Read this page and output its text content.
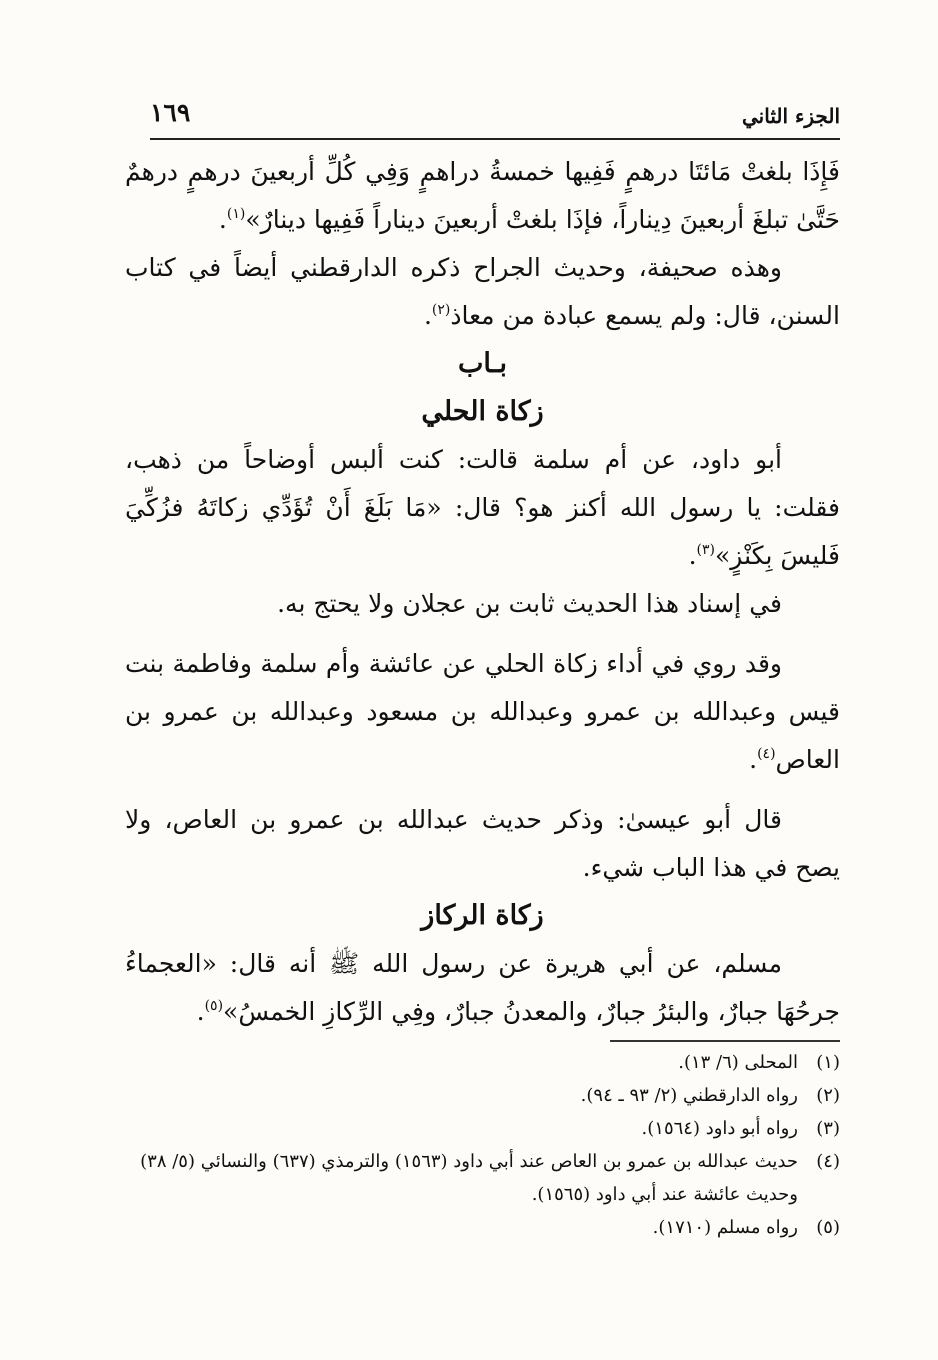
الجزء الثاني
١٦٩

فَإِذَا بلغتْ مَائتَا درهمٍ فَفِيها خمسةُ دراهمٍ وَفِي كُلِّ أربعينَ درهمٍ درهمٌ حَتَّىٰ تبلغَ أربعينَ دِيناراً، فإذَا بلغتْ أربعينَ ديناراً فَفِيها دينارٌ»$^{(١)}$.

وهذه صحيفة، وحديث الجراح ذكره الدارقطني أيضاً في كتاب السنن، قال: ولم يسمع عبادة من معاذ$^{(٢)}$.

بـاب

زكاة الحلي

أبو داود، عن أم سلمة قالت: كنت ألبس أوضاحاً من ذهب، فقلت: يا رسول الله أكنز هو؟ قال: «مَا بَلَغَ أَنْ تُؤَدِّي زكاتَهُ فزُكِّيَ فَليسَ بِكَنْزٍ»$^{(٣)}$.

في إسناد هذا الحديث ثابت بن عجلان ولا يحتج به.

وقد روي في أداء زكاة الحلي عن عائشة وأم سلمة وفاطمة بنت قيس وعبدالله بن عمرو وعبدالله بن مسعود وعبدالله بن عمرو بن العاص$^{(٤)}$.

قال أبو عيسىٰ: وذكر حديث عبدالله بن عمرو بن العاص، ولا يصح في هذا الباب شيء.

زكاة الركاز

مسلم، عن أبي هريرة عن رسول الله ﷺ أنه قال: «العجماءُ جرحُهَا جبارٌ، والبئرُ جبارٌ، والمعدنُ جبارٌ، وفِي الرِّكازِ الخمسُ»$^{(٥)}$.

(١)
المحلى (٦/ ١٣).
(٢)
رواه الدارقطني (٢/ ٩٣ ـ ٩٤).
(٣)
رواه أبو داود (١٥٦٤).
(٤)
حديث عبدالله بن عمرو بن العاص عند أبي داود (١٥٦٣) والترمذي (٦٣٧) والنسائي (٥/ ٣٨) وحديث عائشة عند أبي داود (١٥٦٥).
(٥)
رواه مسلم (١٧١٠).
